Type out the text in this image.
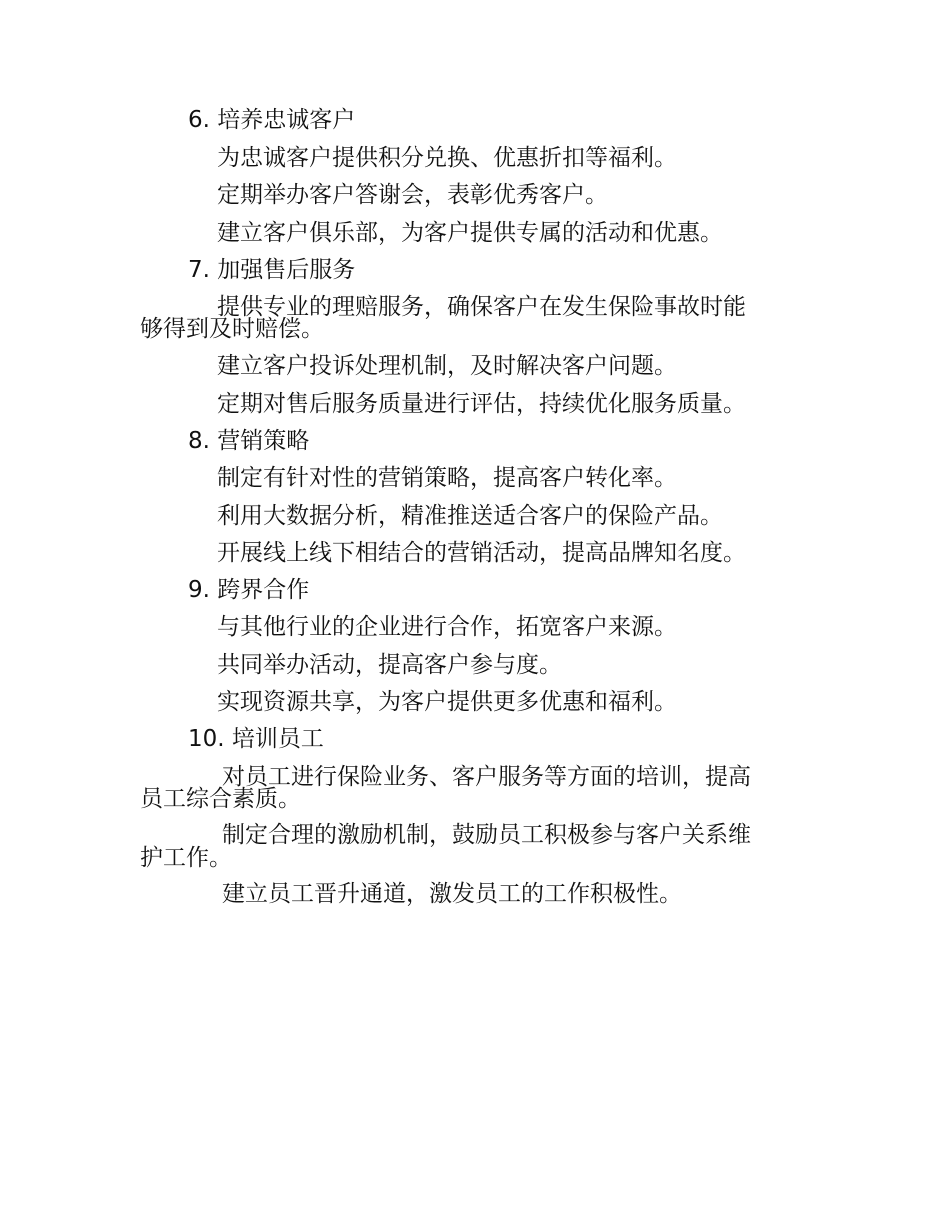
6. 培养忠诚客户
为忠诚客户提供积分兑换、优惠折扣等福利。
定期举办客户答谢会，表彰优秀客户。
建立客户俱乐部，为客户提供专属的活动和优惠。
7. 加强售后服务
提供专业的理赔服务，确保客户在发生保险事故时能
够得到及时赔偿。
建立客户投诉处理机制，及时解决客户问题。
定期对售后服务质量进行评估，持续优化服务质量。
8. 营销策略
制定有针对性的营销策略，提高客户转化率。
利用大数据分析，精准推送适合客户的保险产品。
开展线上线下相结合的营销活动，提高品牌知名度。
9. 跨界合作
与其他行业的企业进行合作，拓宽客户来源。
共同举办活动，提高客户参与度。
实现资源共享，为客户提供更多优惠和福利。
10. 培训员工
对员工进行保险业务、客户服务等方面的培训，提高
员工综合素质。
制定合理的激励机制，鼓励员工积极参与客户关系维
护工作。
建立员工晋升通道，激发员工的工作积极性。
